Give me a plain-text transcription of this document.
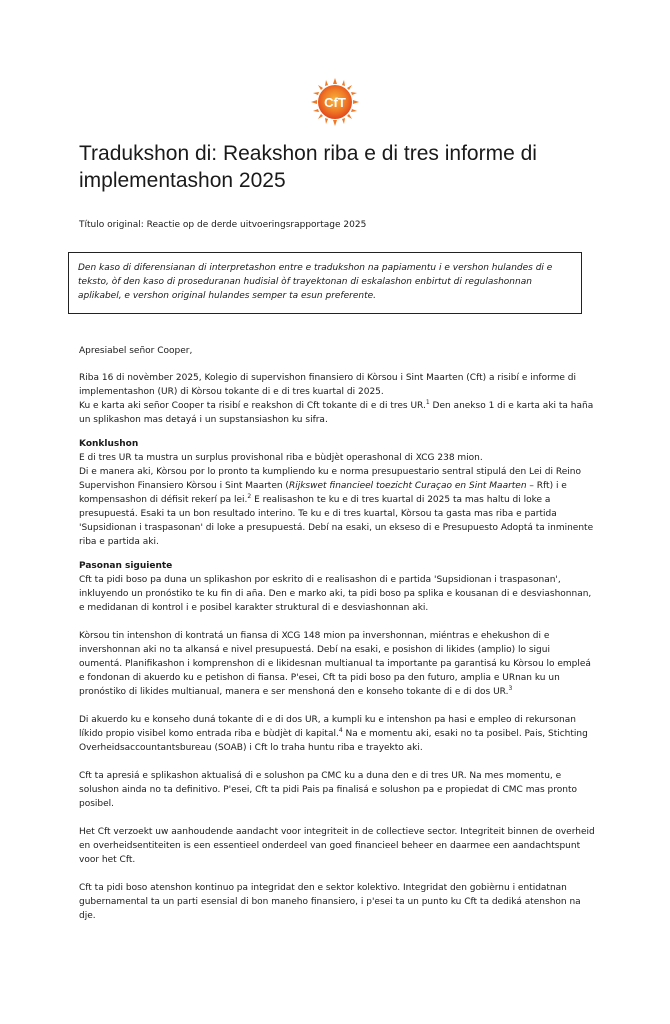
CfT
Tradukshon di: Reakshon riba e di tres informe di implementashon 2025

Título original: Reactie op de derde uitvoeringsrapportage 2025

Den kaso di diferensianan di interpretashon entre e tradukshon na papiamentu i e vershon hulandes di e teksto, òf den kaso di proseduranan hudisial òf trayektonan di eskalashon enbirtut di regulashonnan aplikabel, e vershon original hulandes semper ta esun preferente.

Apresiabel señor Cooper,

Riba 16 di novèmber 2025, Kolegio di supervishon finansiero di Kòrsou i Sint Maarten (Cft) a risibí e informe di implementashon (UR) di Kòrsou tokante di e di tres kuartal di 2025.

Ku e karta aki señor Cooper ta risibí e reakshon di Cft tokante di e di tres UR.$^1$ Den anekso 1 di e karta aki ta haña un splikashon mas detayá i un supstansiashon ku sifra.

Konklushon

E di tres UR ta mustra un surplus provishonal riba e bùdjèt operashonal di XCG 238 mion.

Di e manera aki, Kòrsou por lo pronto ta kumpliendo ku e norma presupuestario sentral stipulá den Lei di Reino Supervishon Finansiero Kòrsou i Sint Maarten (Rijkswet financieel toezicht Curaçao en Sint Maarten – Rft) i e kompensashon di défisit rekerí pa lei.$^2$ E realisashon te ku e di tres kuartal di 2025 ta mas haltu di loke a presupuestá. Esaki ta un bon resultado interino. Te ku e di tres kuartal, Kòrsou ta gasta mas riba e partida 'Supsidionan i traspasonan' di loke a presupuestá. Debí na esaki, un ekseso di e Presupuesto Adoptá ta inminente riba e partida aki.

Pasonan siguiente

Cft ta pidi boso pa duna un splikashon por eskrito di e realisashon di e partida 'Supsidionan i traspasonan', inkluyendo un pronóstiko te ku fin di aña. Den e marko aki, ta pidi boso pa splika e kousanan di e desviashonnan, e medidanan di kontrol i e posibel karakter struktural di e desviashonnan aki.

Kòrsou tin intenshon di kontratá un fiansa di XCG 148 mion pa invershonnan, miéntras e ehekushon di e invershonnan aki no ta alkansá e nivel presupuestá. Debí na esaki, e posishon di likides (amplio) lo sigui oumentá. Planifikashon i komprenshon di e likidesnan multianual ta importante pa garantisá ku Kòrsou lo empleá e fondonan di akuerdo ku e petishon di fiansa. P'esei, Cft ta pidi boso pa den futuro, amplia e URnan ku un pronóstiko di likides multianual, manera e ser menshoná den e konseho tokante di e di dos UR.$^3$

Di akuerdo ku e konseho duná tokante di e di dos UR, a kumpli ku e intenshon pa hasi e empleo di rekursonan líkido propio visibel komo entrada riba e bùdjèt di kapital.$^4$ Na e momentu aki, esaki no ta posibel. Pais, Stichting Overheidsaccountantsbureau (SOAB) i Cft lo traha huntu riba e trayekto aki.

Cft ta apresiá e splikashon aktualisá di e solushon pa CMC ku a duna den e di tres UR. Na mes momentu, e solushon ainda no ta definitivo. P'esei, Cft ta pidi Pais pa finalisá e solushon pa e propiedat di CMC mas pronto posibel.

Het Cft verzoekt uw aanhoudende aandacht voor integriteit in de collectieve sector. Integriteit binnen de overheid en overheidsentiteiten is een essentieel onderdeel van goed financieel beheer en daarmee een aandachtspunt voor het Cft.

Cft ta pidi boso atenshon kontinuo pa integridat den e sektor kolektivo. Integridat den gobièrnu i entidatnan gubernamental ta un parti esensial di bon maneho finansiero, i p'esei ta un punto ku Cft ta dediká atenshon na dje.
